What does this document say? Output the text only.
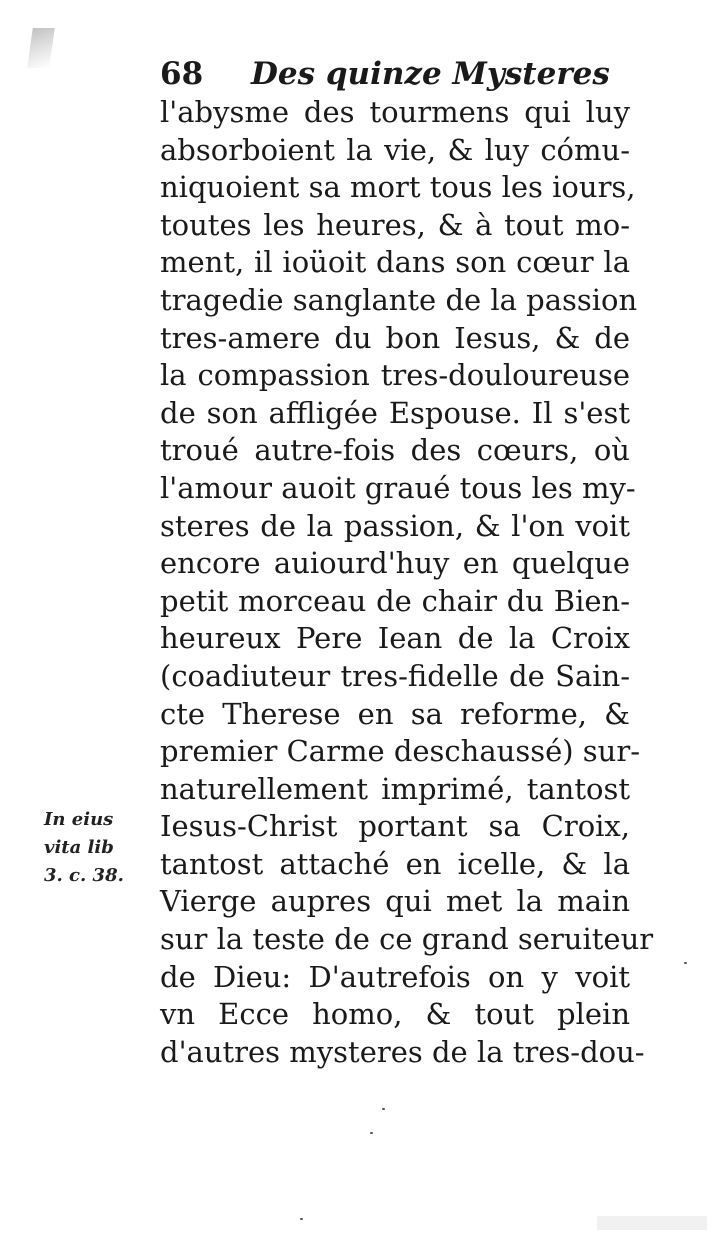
68 Des quinze Mysteres
l'abysme des tourmens qui luy
absorboient la vie, & luy cómu-
niquoient sa mort tous les iours,
toutes les heures, & à tout mo-
ment, il ioüoit dans son cœur la
tragedie sanglante de la passion
tres-amere du bon Iesus, & de
la compassion tres-douloureuse
de son affligée Espouse. Il s'est
troué autre-fois des cœurs, où
l'amour auoit graué tous les my-
steres de la passion, & l'on voit
encore auiourd'huy en quelque
petit morceau de chair du Bien-
heureux Pere Iean de la Croix
(coadiuteur tres-fidelle de Sain-
cte Therese en sa reforme, &
premier Carme deschaussé) sur-
naturellement imprimé, tantost
Iesus-Christ portant sa Croix,
tantost attaché en icelle, & la
Vierge aupres qui met la main
sur la teste de ce grand seruiteur
de Dieu: D'autrefois on y voit
vn Ecce homo, & tout plein
d'autres mysteres de la tres-dou-
In eius
vita lib
3. c. 38.
